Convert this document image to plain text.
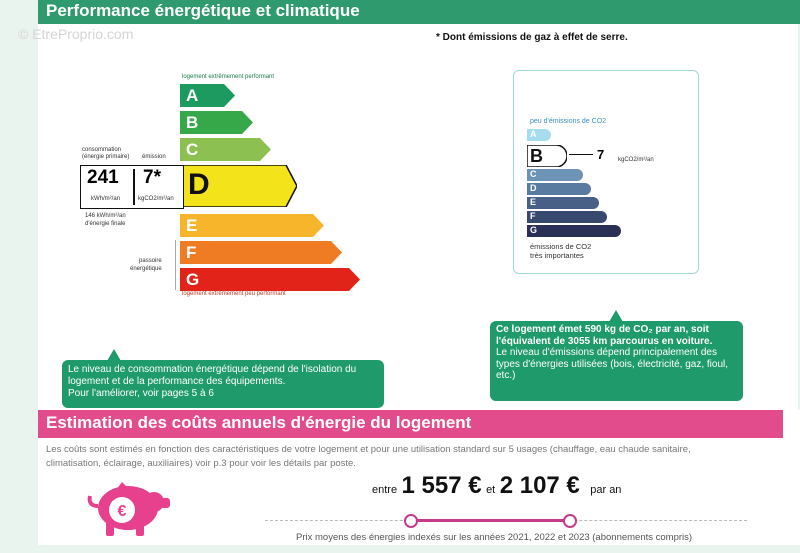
Performance énergétique et climatique
© EtreProprio.com	* Dont émissions de gaz à effet de serre.
logement extrêmement performant
A
B
C
D
E
F
G
logement extrêmement peu performant
consommation
(énergie primaire) émission
241
kWh/m²/an
7*
kgCO2/m²/an
146 kWh/m²/an
d'énergie finale
passoire
énergétique
peu d'émissions de CO2
A
B
C
D
E
F
G
7 kgCO2/m²/an
émissions de CO2
très importantes
Le niveau de consommation énergétique dépend de l'isolation du logement et de la performance des équipements.
Pour l'améliorer, voir pages 5 à 6
Ce logement émet 590 kg de CO₂ par an, soit l'équivalent de 3055 km parcourus en voiture.
Le niveau d'émissions dépend principalement des types d'énergies utilisées (bois, électricité, gaz, fioul, etc.)
Estimation des coûts annuels d'énergie du logement
Les coûts sont estimés en fonction des caractéristiques de votre logement et pour une utilisation standard sur 5 usages (chauffage, eau chaude sanitaire, climatisation, éclairage, auxiliaires) voir p.3 pour voir les détails par poste.
€
entre 1 557 € et 2 107 € par an
Prix moyens des énergies indexés sur les années 2021, 2022 et 2023 (abonnements compris)
